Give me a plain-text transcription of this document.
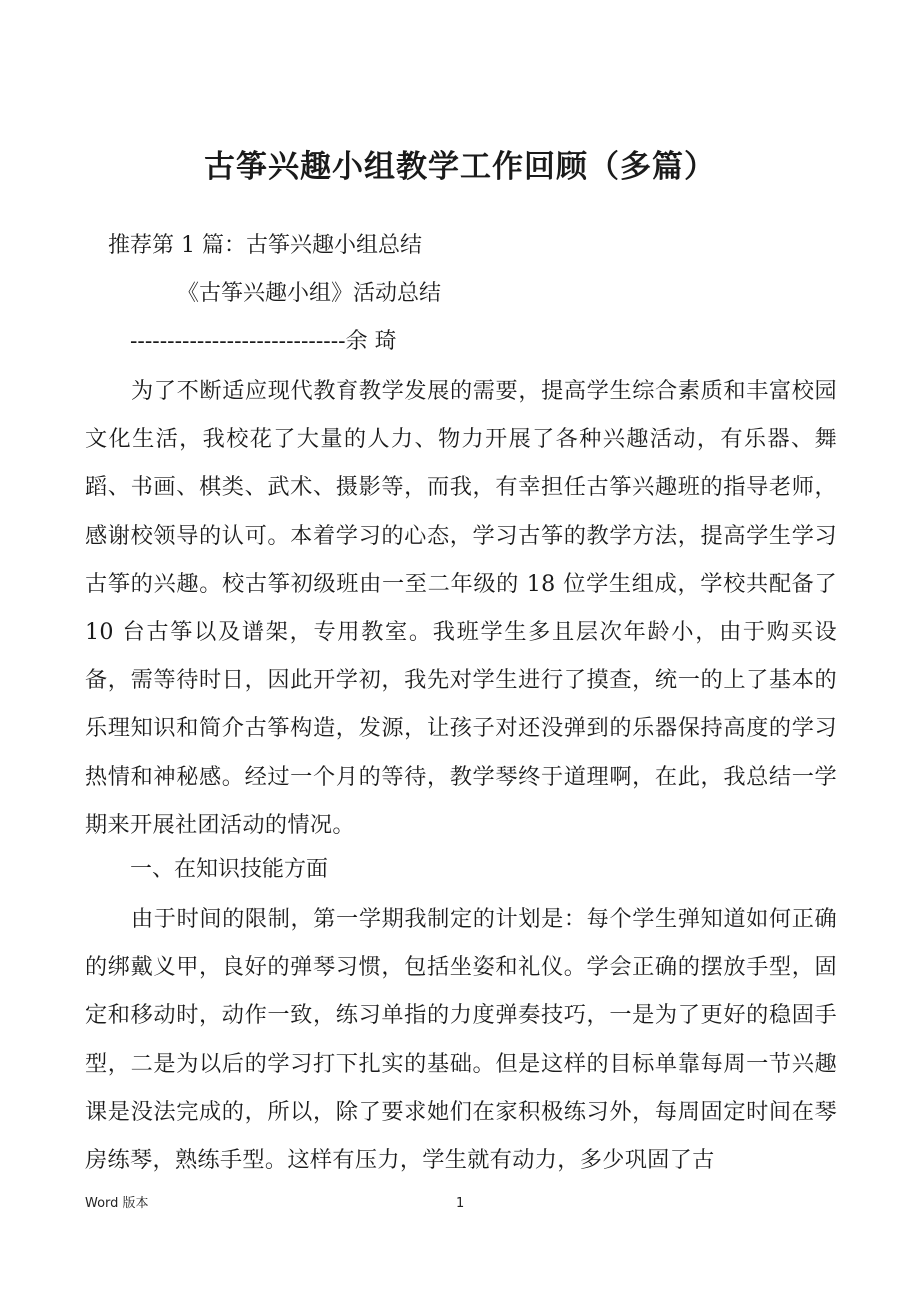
古筝兴趣小组教学工作回顾（多篇）
推荐第 1 篇：古筝兴趣小组总结
《古筝兴趣小组》活动总结
-----------------------------余 琦

为了不断适应现代教育教学发展的需要，提高学生综合素质和丰富校园文化生活，我校花了大量的人力、物力开展了各种兴趣活动，有乐器、舞蹈、书画、棋类、武术、摄影等，而我，有幸担任古筝兴趣班的指导老师，感谢校领导的认可。本着学习的心态，学习古筝的教学方法，提高学生学习古筝的兴趣。校古筝初级班由一至二年级的 18 位学生组成，学校共配备了 10 台古筝以及谱架，专用教室。我班学生多且层次年龄小，由于购买设备，需等待时日，因此开学初，我先对学生进行了摸查，统一的上了基本的乐理知识和简介古筝构造，发源，让孩子对还没弹到的乐器保持高度的学习热情和神秘感。经过一个月的等待，教学琴终于道理啊，在此，我总结一学期来开展社团活动的情况。

一、在知识技能方面

由于时间的限制，第一学期我制定的计划是：每个学生弹知道如何正确的绑戴义甲，良好的弹琴习惯，包括坐姿和礼仪。学会正确的摆放手型，固定和移动时，动作一致，练习单指的力度弹奏技巧，一是为了更好的稳固手型，二是为以后的学习打下扎实的基础。但是这样的目标单靠每周一节兴趣课是没法完成的，所以，除了要求她们在家积极练习外，每周固定时间在琴房练琴，熟练手型。这样有压力，学生就有动力，多少巩固了古

Word 版本	1
